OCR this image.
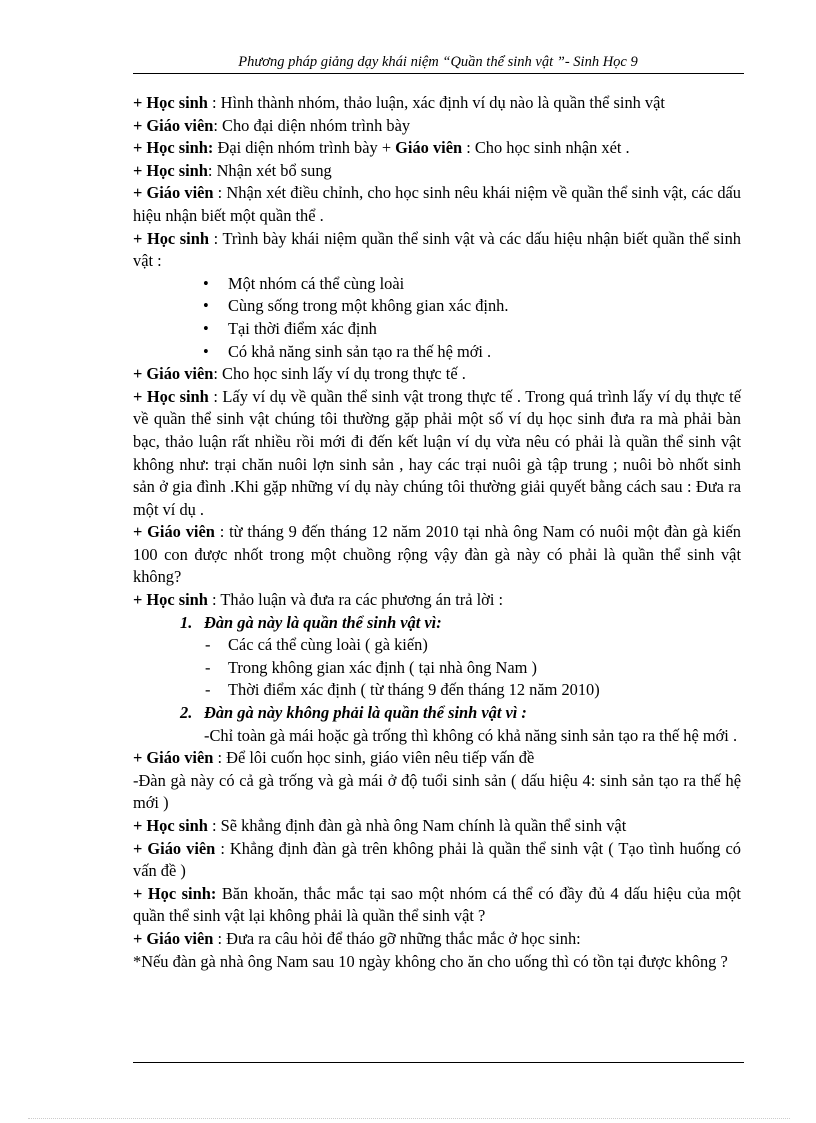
Phương pháp giảng dạy khái niệm “Quần thể sinh vật ”- Sinh Học 9

+ Học sinh : Hình thành nhóm, thảo luận, xác định ví dụ nào là quần thể sinh vật

+ Giáo viên: Cho đại diện nhóm trình bày

+ Học sinh: Đại diện nhóm trình bày + Giáo viên : Cho học sinh nhận xét .

+ Học sinh: Nhận xét bổ sung

+ Giáo viên : Nhận xét điều chỉnh, cho học sinh nêu khái niệm về quần thể sinh vật, các dấu hiệu nhận biết một quần thể .

+ Học sinh : Trình bày khái niệm quần thể sinh vật và các dấu hiệu nhận biết quần thể sinh vật :

• Một nhóm cá thể cùng loài
• Cùng sống trong một không gian xác định.
• Tại thời điểm xác định
• Có khả năng sinh sản tạo ra thế hệ mới .

+ Giáo viên: Cho học sinh lấy ví dụ trong thực tế .

+ Học sinh : Lấy ví dụ về quần thể sinh vật trong thực tế . Trong quá trình lấy ví dụ thực tế về quần thể sinh vật chúng tôi thường gặp phải một số ví dụ học sinh đưa ra mà phải bàn bạc, thảo luận rất nhiều rồi mới đi đến kết luận ví dụ vừa nêu có phải là quần thể sinh vật không như: trại chăn nuôi lợn sinh sản , hay các trại nuôi gà tập trung ; nuôi bò nhốt sinh sản ở gia đình .Khi gặp những ví dụ này chúng tôi thường giải quyết bằng cách sau : Đưa ra một ví dụ .

+ Giáo viên : từ tháng 9 đến tháng 12 năm 2010 tại nhà ông Nam có nuôi một đàn gà kiến 100 con được nhốt trong một chuồng rộng vậy đàn gà này có phải là quần thể sinh vật không?

+ Học sinh : Thảo luận và đưa ra các phương án trả lời :

1. Đàn gà này là quần thể sinh vật vì:
- Các cá thể cùng loài ( gà kiến)
- Trong không gian xác định ( tại nhà ông Nam )
- Thời điểm xác định ( từ tháng 9 đến tháng 12 năm 2010)
2. Đàn gà này không phải là quần thể sinh vật vì :
-Chỉ toàn gà mái hoặc gà trống thì không có khả năng sinh sản tạo ra thế hệ mới .

+ Giáo viên : Để lôi cuốn học sinh, giáo viên nêu tiếp vấn đề

-Đàn gà này có cả gà trống và gà mái ở độ tuổi sinh sản ( dấu hiệu 4: sinh sản tạo ra thế hệ mới )

+ Học sinh : Sẽ khẳng định đàn gà nhà ông Nam chính là quần thể sinh vật

+ Giáo viên : Khẳng định đàn gà trên không phải là quần thể sinh vật ( Tạo tình huống có vấn đề )

+ Học sinh: Băn khoăn, thắc mắc tại sao một nhóm cá thể có đầy đủ 4 dấu hiệu của một quần thể sinh vật lại không phải là quần thể sinh vật ?

+ Giáo viên : Đưa ra câu hỏi để tháo gỡ những thắc mắc ở học sinh:

*Nếu đàn gà nhà ông Nam sau 10 ngày không cho ăn cho uống thì có tồn tại được không ?
